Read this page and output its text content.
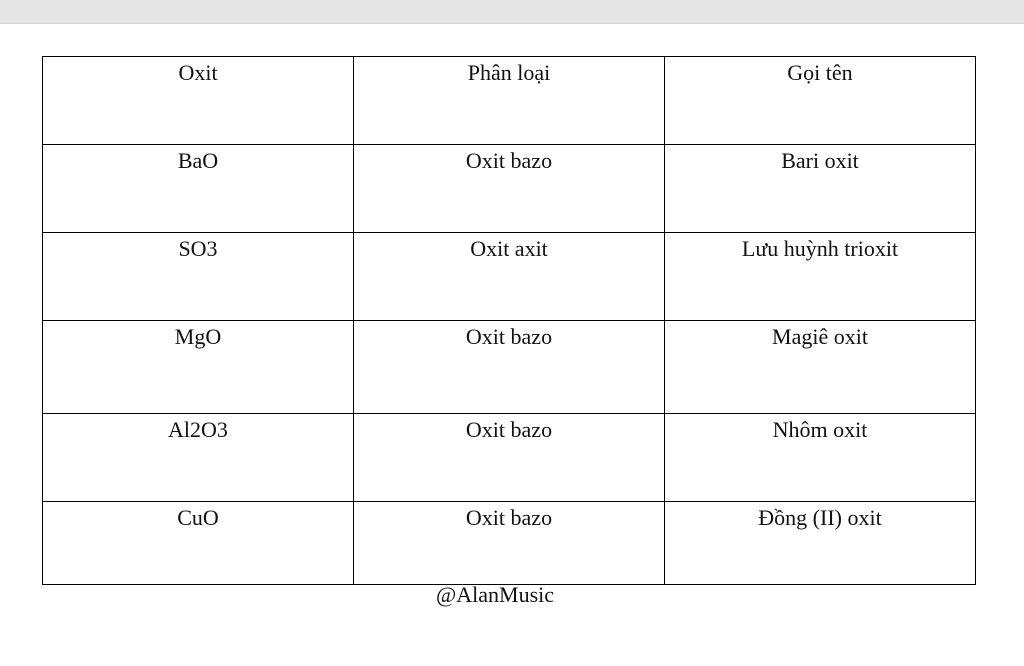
Oxit	Phân loại	Gọi tên
BaO	Oxit bazo	Bari oxit
SO3	Oxit axit	Lưu huỳnh trioxit
MgO	Oxit bazo	Magiê oxit
Al2O3	Oxit bazo	Nhôm oxit
CuO	Oxit bazo	Đồng (II) oxit
@AlanMusic
